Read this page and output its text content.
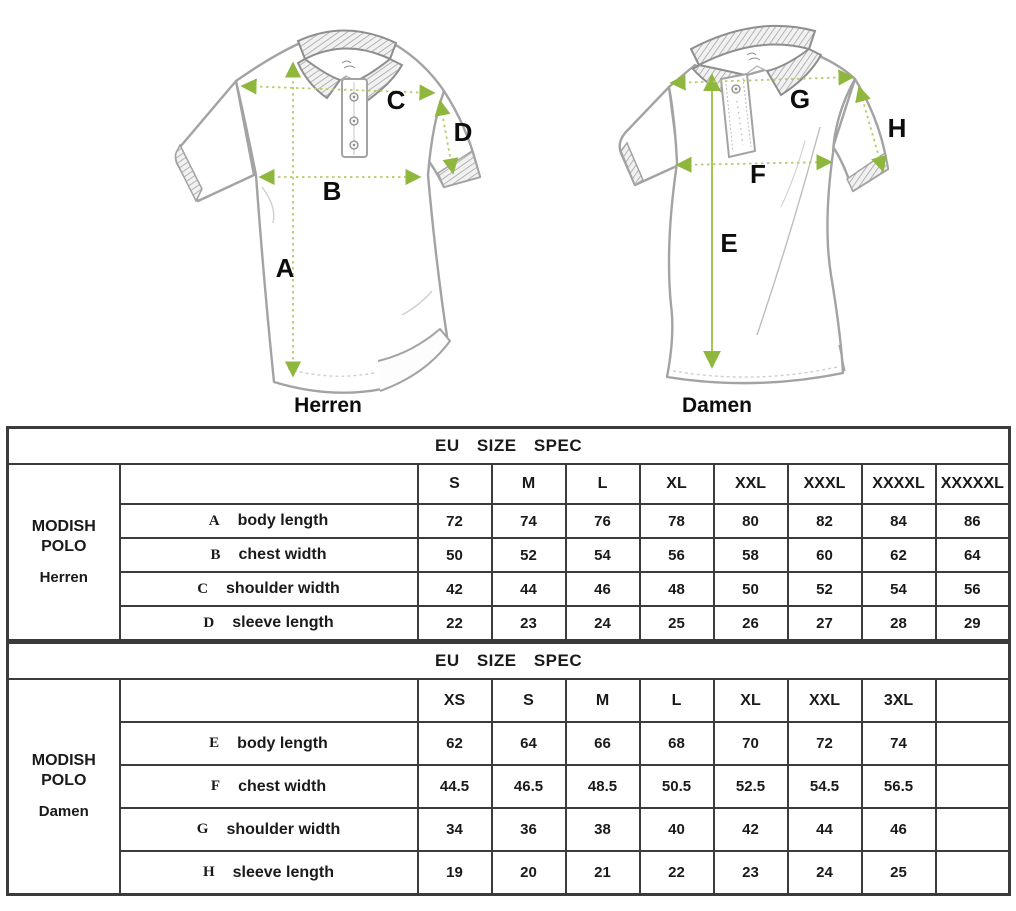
A
B
C
D
E
F
G
H
Herren	Damen
EU SIZE SPEC									

MODISH POLO
Herren		S	M	L	XL	XXL	XXXL	XXXXL	XXXXXL

	A body length	72	74	76	78	80	82	84	86

	B chest width	50	52	54	56	58	60	62	64

	C shoulder width	42	44	46	48	50	52	54	56

	D sleeve length	22	23	24	25	26	27	28	29
EU SIZE SPEC									

MODISH POLO
Damen		XS	S	M	L	XL	XXL	3XL	

	E body length	62	64	66	68	70	72	74	

	F chest width	44.5	46.5	48.5	50.5	52.5	54.5	56.5	

	G shoulder width	34	36	38	40	42	44	46	

	H sleeve length	19	20	21	22	23	24	25	
